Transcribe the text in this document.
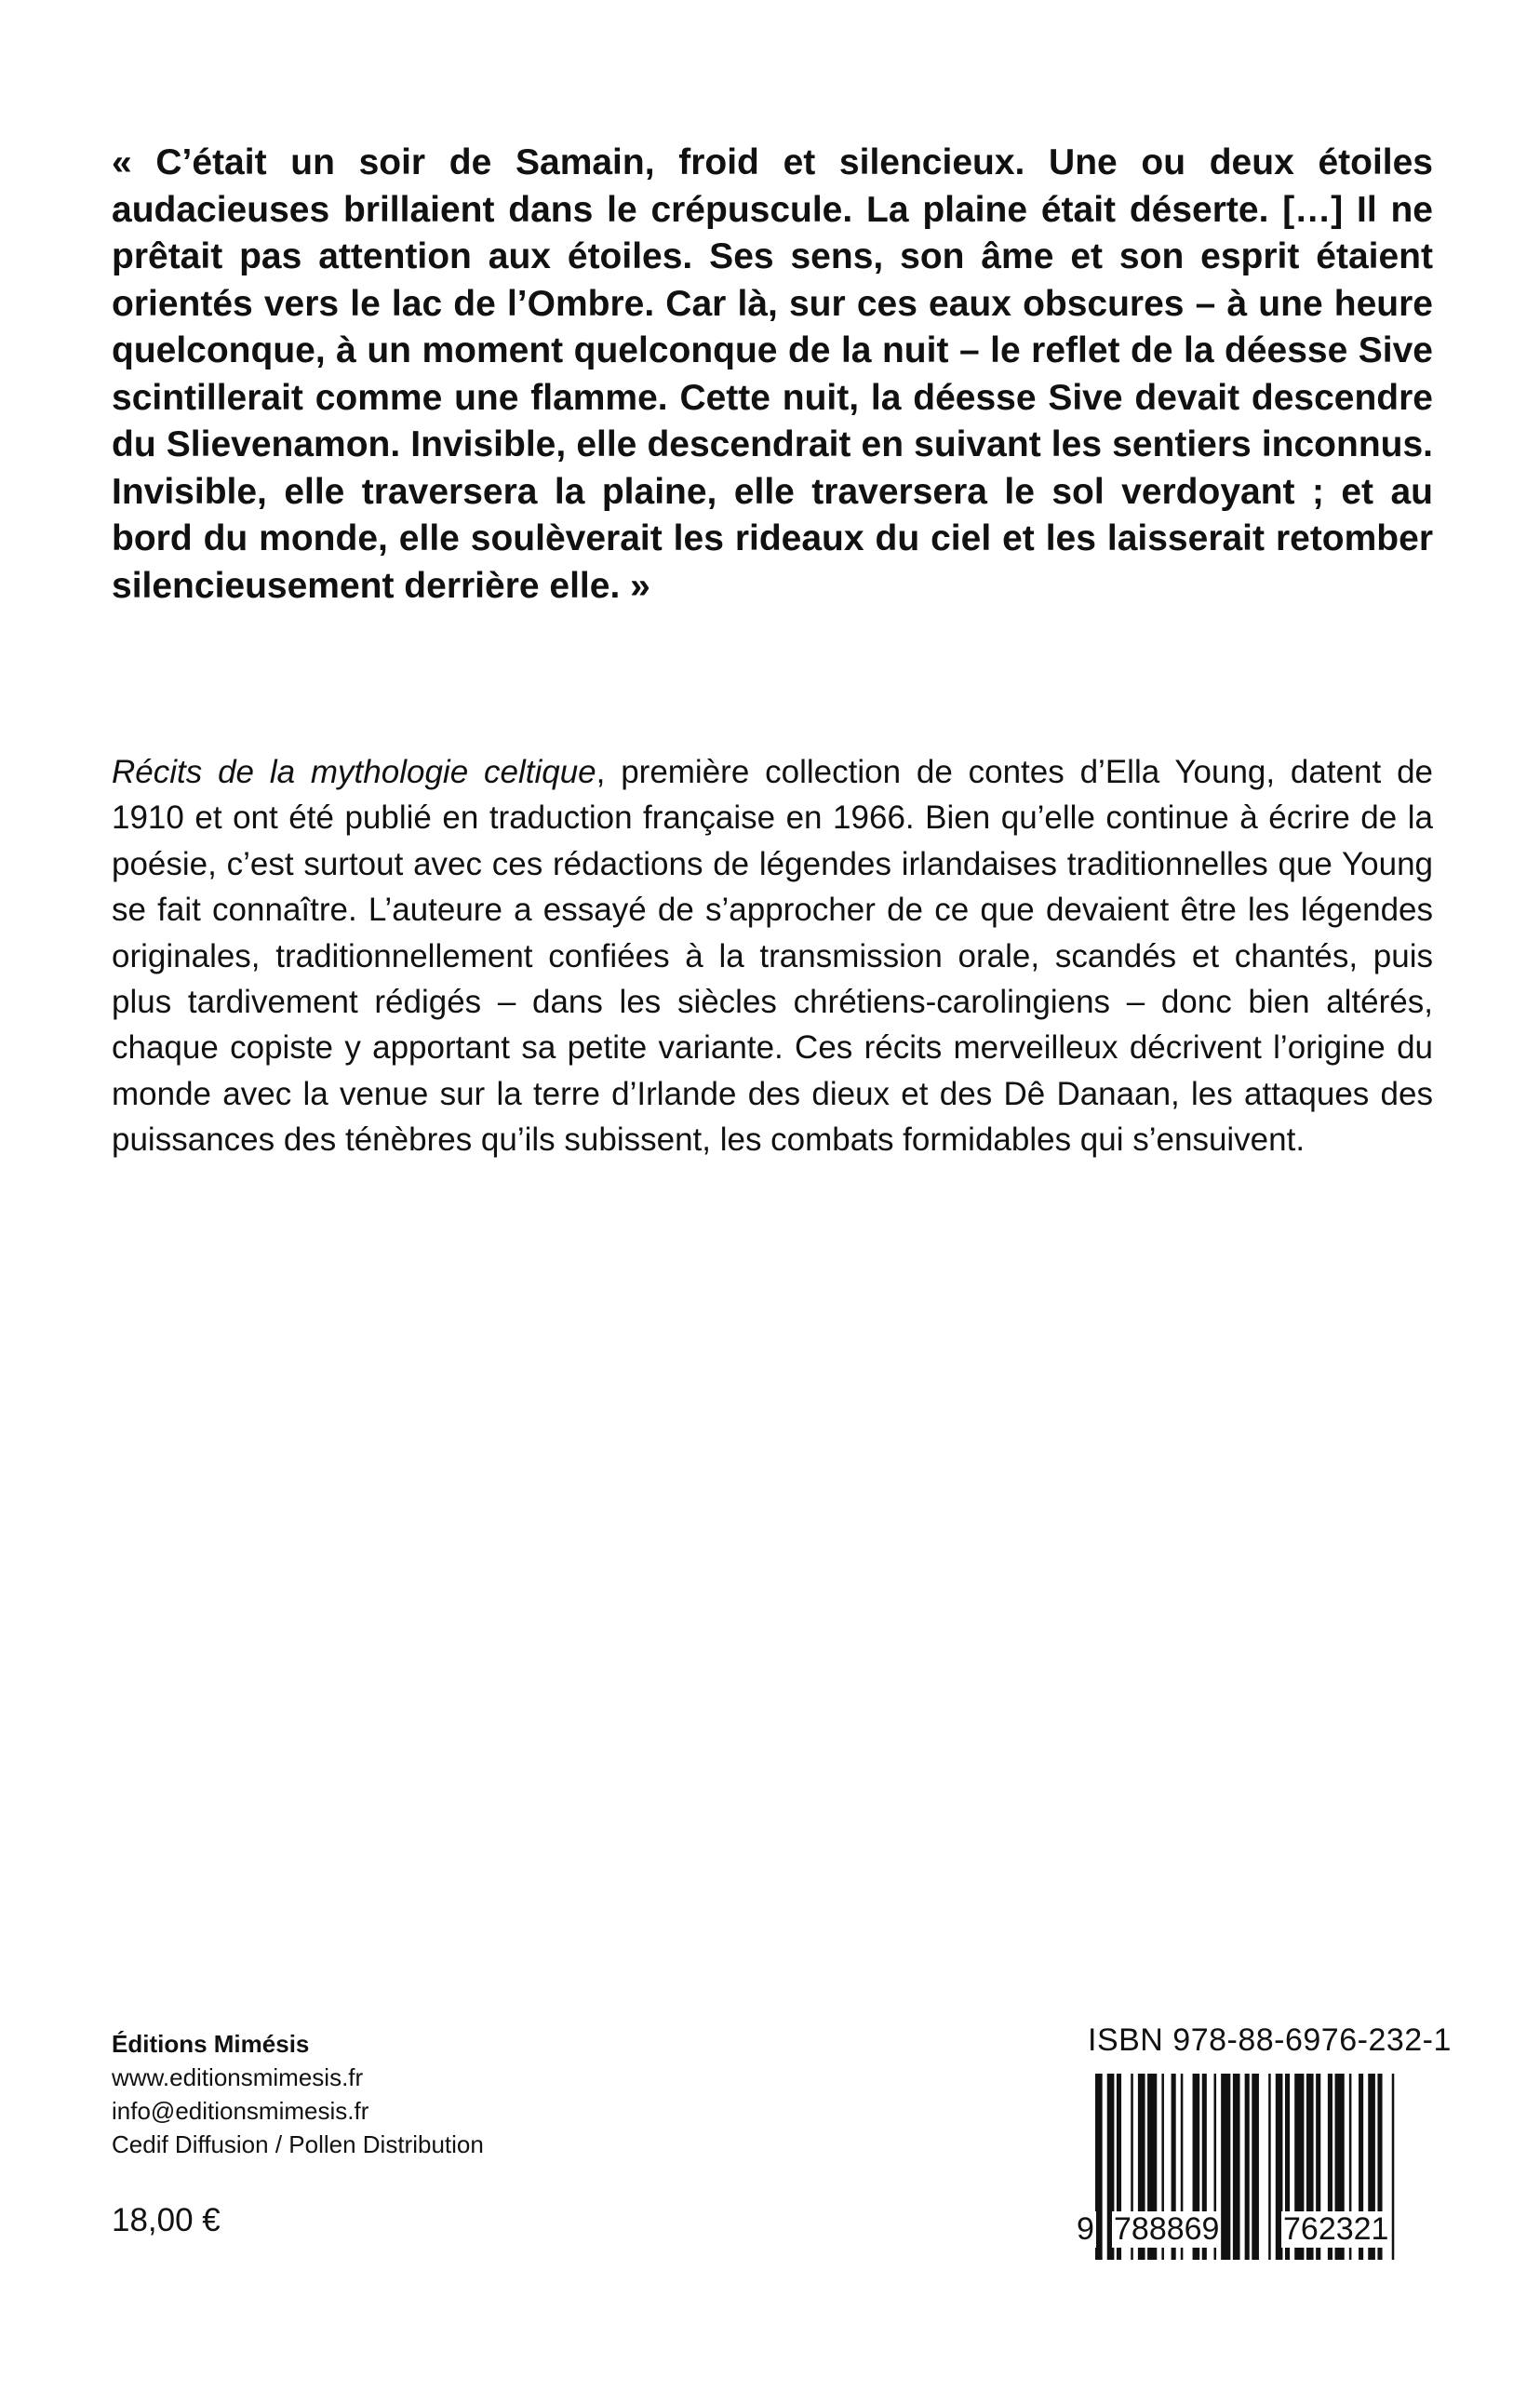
« C’était un soir de Samain, froid et silencieux. Une ou deux étoiles audacieuses brillaient dans le crépuscule. La plaine était déserte. […] Il ne prêtait pas attention aux étoiles. Ses sens, son âme et son esprit étaient orientés vers le lac de l’Ombre. Car là, sur ces eaux obscures – à une heure quelconque, à un moment quelconque de la nuit – le reflet de la déesse Sive scintillerait comme une flamme. Cette nuit, la déesse Sive devait descendre du Slievenamon. Invisible, elle descendrait en suivant les sentiers inconnus. Invisible, elle traversera la plaine, elle traversera le sol verdoyant ; et au bord du monde, elle soulèverait les rideaux du ciel et les laisserait retomber silencieusement derrière elle. »
Récits de la mythologie celtique, première collection de contes d’Ella Young, datent de 1910 et ont été publié en traduction française en 1966. Bien qu’elle continue à écrire de la poésie, c’est surtout avec ces rédactions de légendes irlandaises traditionnelles que Young se fait connaître. L’auteure a essayé de s’approcher de ce que devaient être les légendes originales, traditionnellement confiées à la transmission orale, scandés et chantés, puis plus tardivement rédigés – dans les siècles chrétiens-carolingiens – donc bien altérés, chaque copiste y apportant sa petite variante. Ces récits merveilleux décrivent l’origine du monde avec la venue sur la terre d’Irlande des dieux et des Dê Danaan, les attaques des puissances des ténèbres qu’ils subissent, les combats formidables qui s’ensuivent.
Éditions Mimésis
www.editionsmimesis.fr
info@editionsmimesis.fr
Cedif Diffusion / Pollen Distribution
18,00 €
ISBN 978-88-6976-232-1
9 788869 762321
